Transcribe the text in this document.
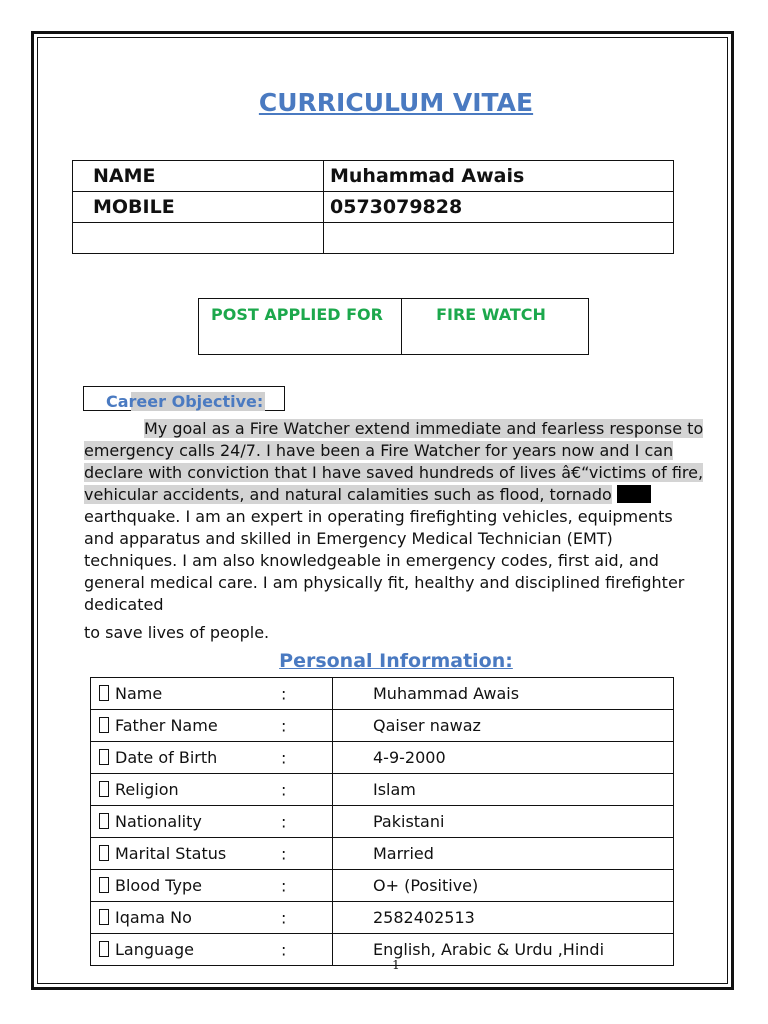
CURRICULUM VITAE
NAME	Muhammad Awais
MOBILE	0573079828

POST APPLIED FOR	FIRE WATCH
Career Objective:
My goal as a Fire Watcher extend immediate and fearless response to emergency calls 24/7. I have been a Fire Watcher for years now and I can declare with conviction that I have saved hundreds of lives â€“victims of fire, vehicular accidents, and natural calamities such as flood, tornado  earthquake. I am an expert in operating firefighting vehicles, equipments and apparatus and skilled in Emergency Medical Technician (EMT) techniques. I am also knowledgeable in emergency codes, first aid, and general medical care. I am physically fit, healthy and disciplined firefighter dedicated
to save lives of people.
Personal Information:
Name :	Muhammad Awais
Father Name :	Qaiser nawaz
Date of Birth :	4-9-2000
Religion :	Islam
Nationality :	Pakistani
Marital Status :	Married
Blood Type :	O+ (Positive)
Iqama No :	2582402513
Language :	English, Arabic & Urdu ,Hindi
1
